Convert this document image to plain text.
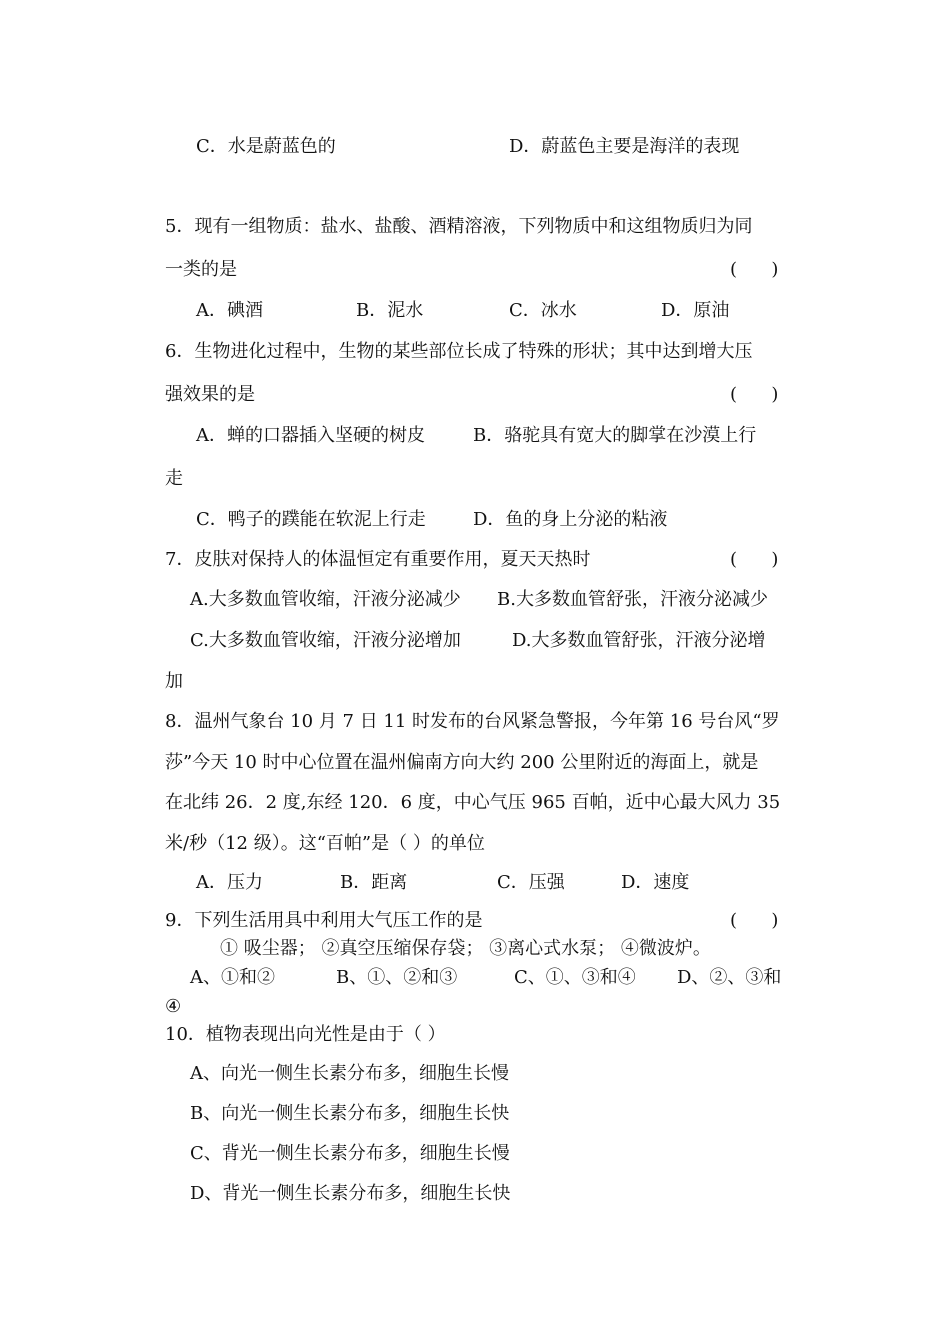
C．水是蔚蓝色的	D．蔚蓝色主要是海洋的表现
5．现有一组物质：盐水、盐酸、酒精溶液，下列物质中和这组物质归为同
一类的是	(      )
A．碘酒	B．泥水	C．冰水	D．原油
6．生物进化过程中，生物的某些部位长成了特殊的形状；其中达到增大压
强效果的是	(      )
A．蝉的口器插入坚硬的树皮	B．骆驼具有宽大的脚掌在沙漠上行
走
C．鸭子的蹼能在软泥上行走	D．鱼的身上分泌的粘液
7．皮肤对保持人的体温恒定有重要作用，夏天天热时	(      )
A.大多数血管收缩，汗液分泌减少 B.大多数血管舒张，汗液分泌减少
C.大多数血管收缩，汗液分泌增加	D.大多数血管舒张，汗液分泌增
加
8．温州气象台 10 月 7 日 11 时发布的台风紧急警报，今年第 16 号台风“罗
莎”今天 10 时中心位置在温州偏南方向大约 200 公里附近的海面上，就是
在北纬 26．2 度,东经 120．6 度，中心气压 965 百帕，近中心最大风力 35
米/秒（12 级）。这“百帕”是（ ）的单位
A．压力	B．距离	C．压强	D．速度
9．下列生活用具中利用大气压工作的是	(      )
① 吸尘器； ②真空压缩保存袋； ③离心式水泵； ④微波炉。
A、①和②	B、①、②和③	C、①、③和④ D、②、③和
④
10．植物表现出向光性是由于（ ）
A、向光一侧生长素分布多，细胞生长慢
B、向光一侧生长素分布多，细胞生长快
C、背光一侧生长素分布多，细胞生长慢
D、背光一侧生长素分布多，细胞生长快
